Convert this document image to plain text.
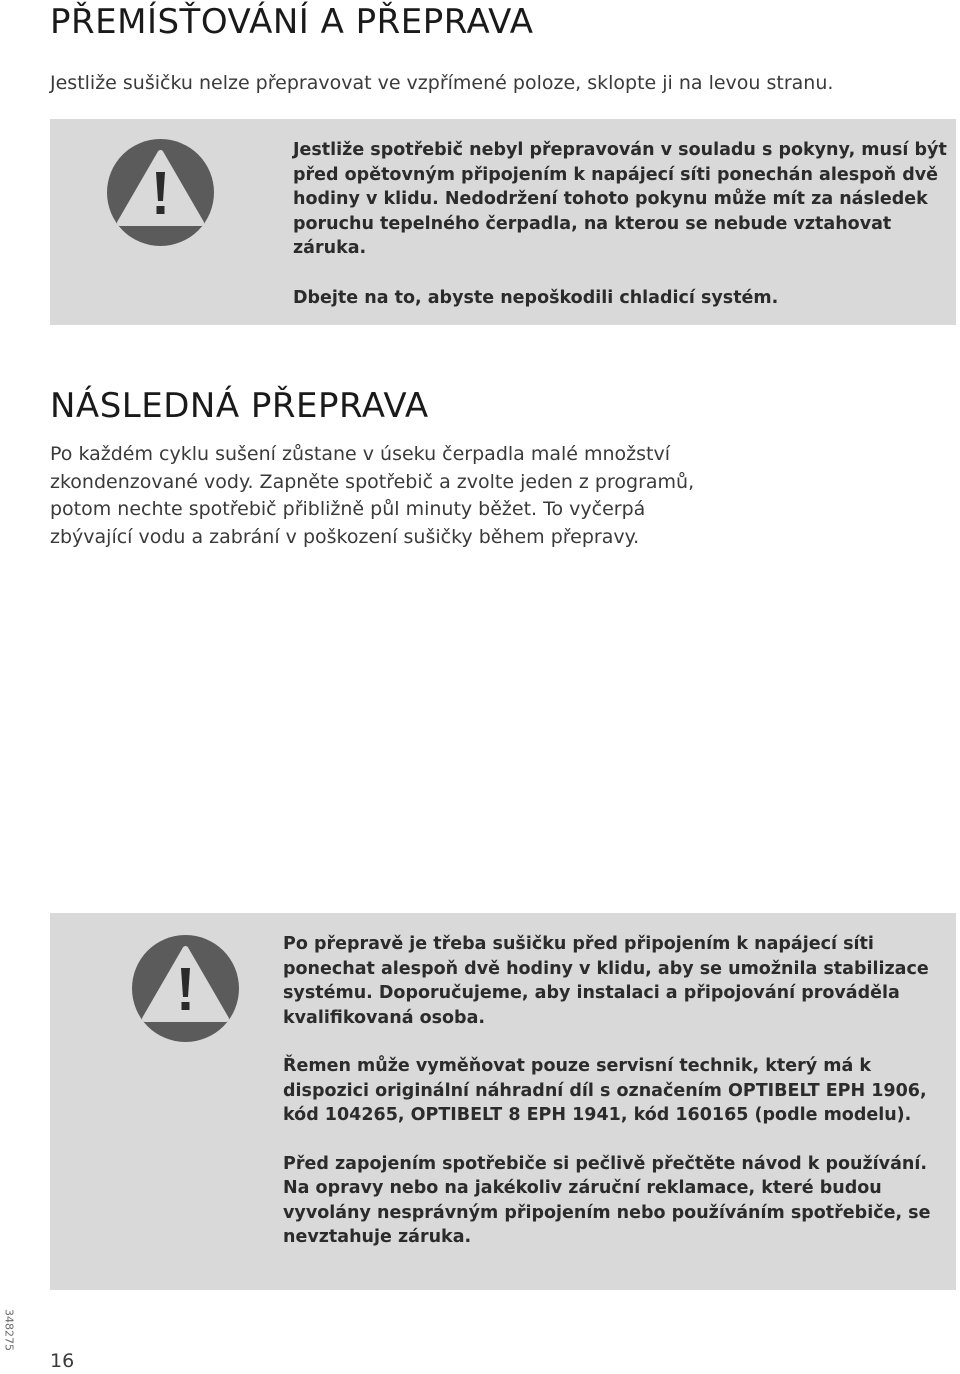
PŘEMÍSŤOVÁNÍ A PŘEPRAVA

Jestliže sušičku nelze přepravovat ve vzpřímené poloze, sklopte ji na levou stranu.

Jestliže spotřebič nebyl přepravován v souladu s pokyny, musí být před opětovným připojením k napájecí síti ponechán alespoň dvě hodiny v klidu. Nedodržení tohoto pokynu může mít za následek poruchu tepelného čerpadla, na kterou se nebude vztahovat záruka.

Dbejte na to, abyste nepoškodili chladicí systém.

NÁSLEDNÁ PŘEPRAVA

Po každém cyklu sušení zůstane v úseku čerpadla malé množství zkondenzované vody. Zapněte spotřebič a zvolte jeden z programů, potom nechte spotřebič přibližně půl minuty běžet. To vyčerpá zbývající vodu a zabrání v poškození sušičky během přepravy.

Po přepravě je třeba sušičku před připojením k napájecí síti ponechat alespoň dvě hodiny v klidu, aby se umožnila stabilizace systému. Doporučujeme, aby instalaci a připojování prováděla kvalifikovaná osoba.

Řemen může vyměňovat pouze servisní technik, který má k dispozici originální náhradní díl s označením OPTIBELT EPH 1906, kód 104265, OPTIBELT 8 EPH 1941, kód 160165 (podle modelu).

Před zapojením spotřebiče si pečlivě přečtěte návod k používání. Na opravy nebo na jakékoliv záruční reklamace, které budou vyvolány nesprávným připojením nebo používáním spotřebiče, se nevztahuje záruka.

348275
16
